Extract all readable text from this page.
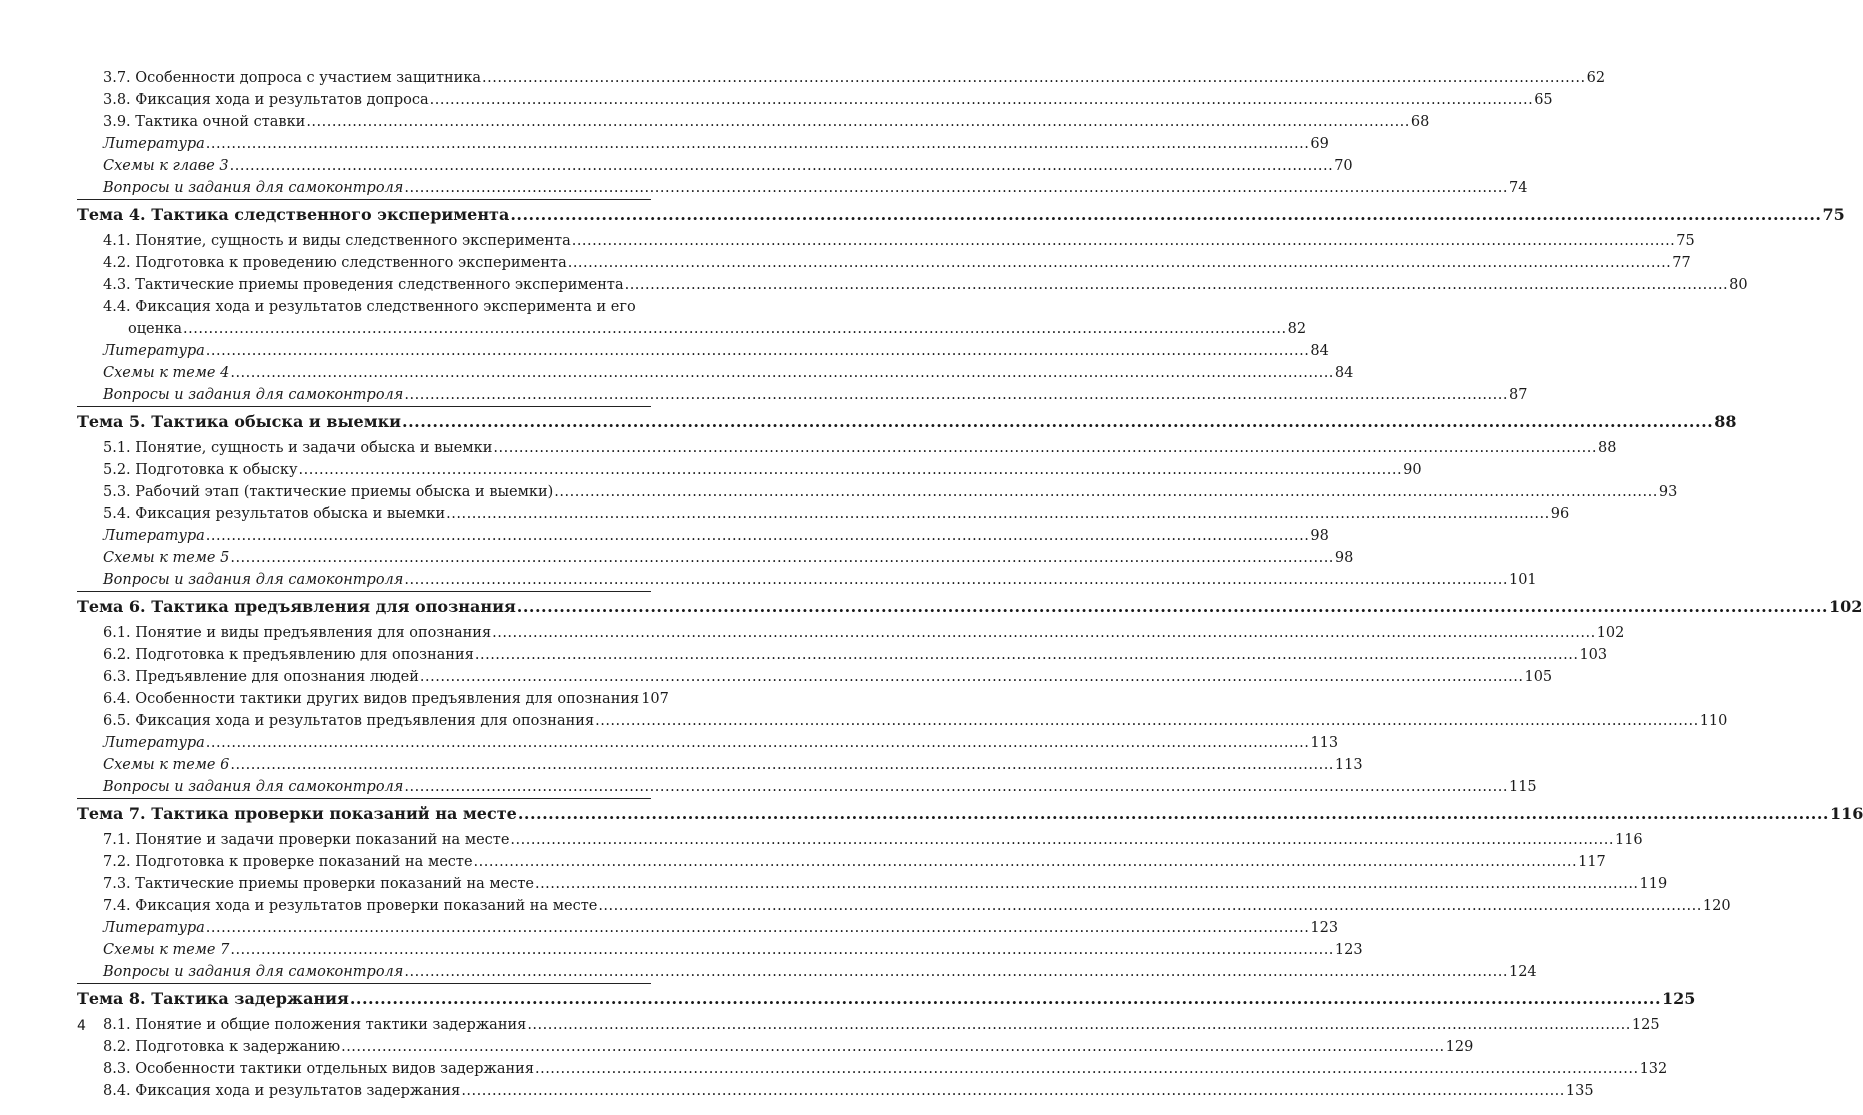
3.7. Особенности допроса с участием защитника .....	62
3.8. Фиксация хода и результатов допроса .....	65
3.9. Тактика очной ставки .....	68
Литература .....	69
Схемы к главе 3 .....	70
Вопросы и задания для самоконтроля .....	74
Тема 4. Тактика следственного эксперимента .....	75
4.1. Понятие, сущность и виды следственного эксперимента .....	75
4.2. Подготовка к проведению следственного эксперимента .....	77
4.3. Тактические приемы проведения следственного эксперимента .....	80
4.4. Фиксация хода и результатов следственного эксперимента и его
оценка .....	82
Литература .....	84
Схемы к теме 4 .....	84
Вопросы и задания для самоконтроля .....	87
Тема 5. Тактика обыска и выемки .....	88
5.1. Понятие, сущность и задачи обыска и выемки .....	88
5.2. Подготовка к обыску .....	90
5.3. Рабочий этап (тактические приемы обыска и выемки) .....	93
5.4. Фиксация результатов обыска и выемки .....	96
Литература .....	98
Схемы к теме 5 .....	98
Вопросы и задания для самоконтроля .....	101
Тема 6. Тактика предъявления для опознания .....	102
6.1. Понятие и виды предъявления для опознания .....	102
6.2. Подготовка к предъявлению для опознания .....	103
6.3. Предъявление для опознания людей .....	105
6.4. Особенности тактики других видов предъявления для опознания 107
6.5. Фиксация хода и результатов предъявления для опознания .....	110
Литература .....	113
Схемы к теме 6 .....	113
Вопросы и задания для самоконтроля .....	115
Тема 7. Тактика проверки показаний на месте .....	116
7.1. Понятие и задачи проверки показаний на месте .....	116
7.2. Подготовка к проверке показаний на месте .....	117
7.3. Тактические приемы проверки показаний на месте .....	119
7.4. Фиксация хода и результатов проверки показаний на месте .....	120
Литература .....	123
Схемы к теме 7 .....	123
Вопросы и задания для самоконтроля .....	124
Тема 8. Тактика задержания .....	125
8.1. Понятие и общие положения тактики задержания .....	125
8.2. Подготовка к задержанию .....	129
8.3. Особенности тактики отдельных видов задержания .....	132
8.4. Фиксация хода и результатов задержания .....	135
4
